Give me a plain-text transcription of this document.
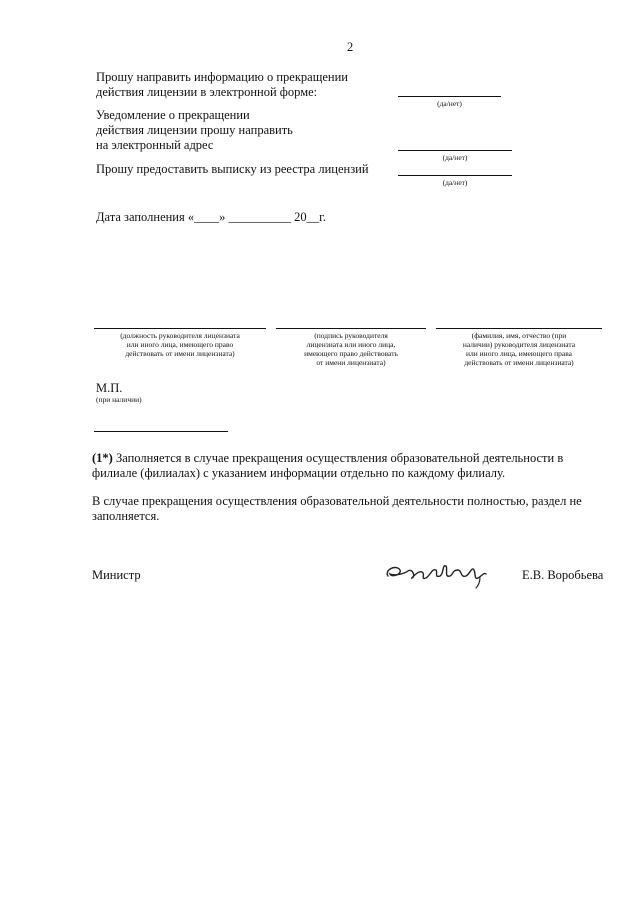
2
Прошу направить информацию о прекращении
действия лицензии в электронной форме:
(да/нет)
Уведомление о прекращении
действия лицензии прошу направить
на электронный адрес
(да/нет)
Прошу предоставить выписку из реестра лицензий
(да/нет)
Дата заполнения «____» __________ 20__г.
(должность руководителя лицензиата
или иного лица, имеющего право
действовать от имени лицензиата)
(подпись руководителя
лицензиата или иного лица,
имеющего право действовать
от имени лицензиата)
(фамилия, имя, отчество (при
наличии) руководителя лицензиата
или иного лица, имеющего права
действовать от имени лицензиата)
М.П.
(при наличии)
(1*) Заполняется в случае прекращения осуществления образовательной деятельности в
филиале (филиалах) с указанием информации отдельно по каждому филиалу.
В случае прекращения осуществления образовательной деятельности полностью, раздел не
заполняется.
Министр	Е.В. Воробьева
